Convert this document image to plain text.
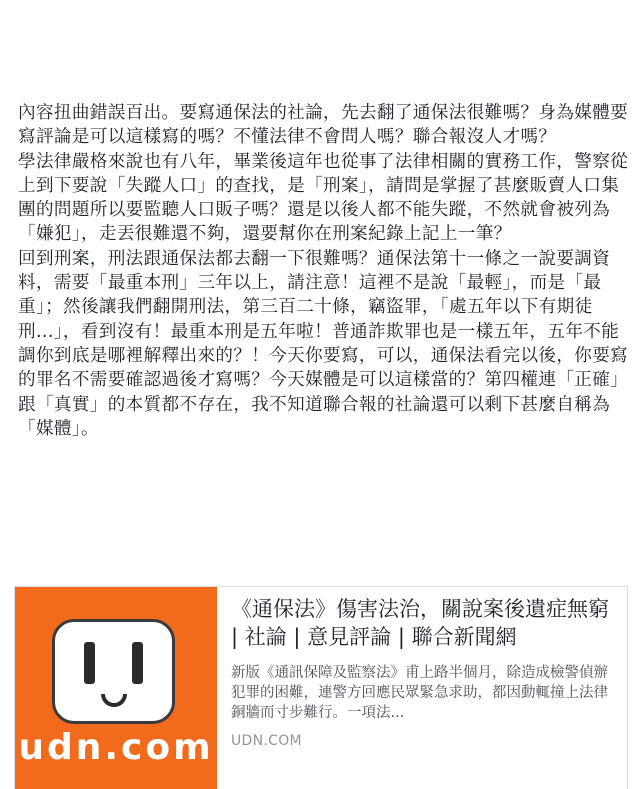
內容扭曲錯誤百出。要寫通保法的社論，先去翻了通保法很難嗎？身為媒體要寫評論是可以這樣寫的嗎？不懂法律不會問人嗎？聯合報沒人才嗎？

學法律嚴格來說也有八年，畢業後這年也從事了法律相關的實務工作，警察從上到下要說「失蹤人口」的查找，是「刑案」，請問是掌握了甚麼販賣人口集團的問題所以要監聽人口販子嗎？還是以後人都不能失蹤，不然就會被列為「嫌犯」，走丟很難還不夠，還要幫你在刑案紀錄上記上一筆？

回到刑案，刑法跟通保法都去翻一下很難嗎？通保法第十一條之一說要調資料，需要「最重本刑」三年以上，請注意！這裡不是說「最輕」，而是「最重」；然後讓我們翻開刑法，第三百二十條，竊盜罪，「處五年以下有期徒刑...」，看到沒有！最重本刑是五年啦！普通詐欺罪也是一樣五年，五年不能調你到底是哪裡解釋出來的？！今天你要寫，可以，通保法看完以後，你要寫的罪名不需要確認過後才寫嗎？今天媒體是可以這樣當的？第四權連「正確」跟「真實」的本質都不存在，我不知道聯合報的社論還可以剩下甚麼自稱為「媒體」。

udn.com
《通保法》傷害法治，關說案後遺症無窮 | 社論 | 意見評論 | 聯合新聞網
新版《通訊保障及監察法》甫上路半個月，除造成檢警偵辦犯罪的困難，連警方回應民眾緊急求助，都因動輒撞上法律銅牆而寸步難行。一項法...
UDN.COM
